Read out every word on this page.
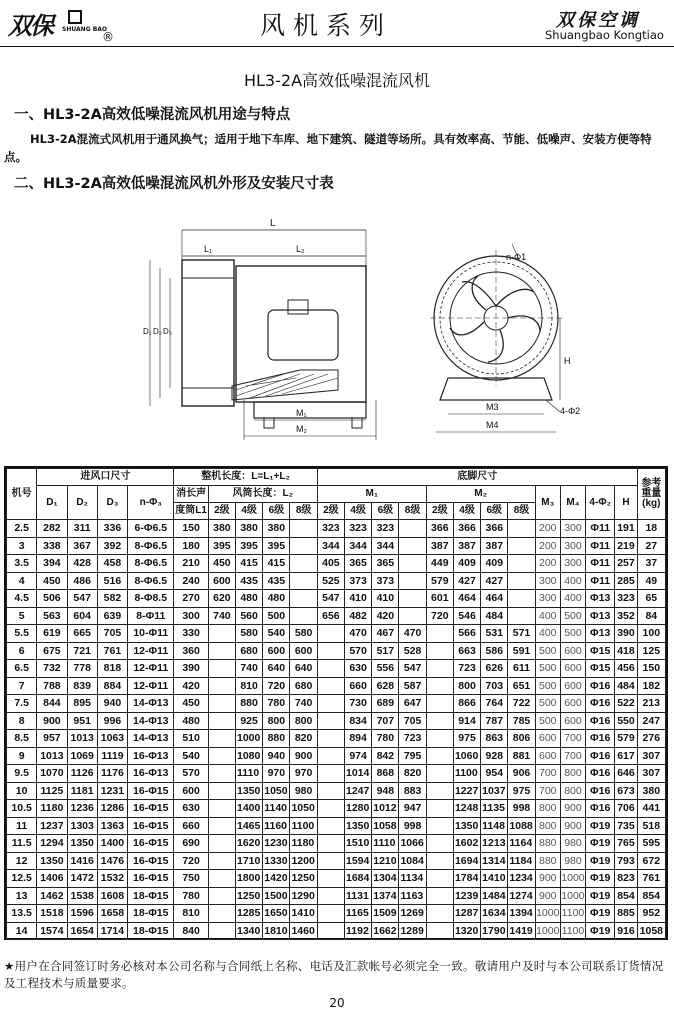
双保 SHUANG BAO
®	风机系列	双保空调
Shuangbao Kongtiao
HL3-2A高效低噪混流风机
一、HL3-2A高效低噪混流风机用途与特点
HL3-2A混流式风机用于通风换气；适用于地下车库、地下建筑、隧道等场所。具有效率高、节能、低噪声、安装方便等特点。
二、HL3-2A高效低噪混流风机外形及安装尺寸表
L
L₁	L₂
D₁ D₂ D₃
M₁
M₂
n-Φ1
H
M3
M4
4-Φ2
机号	进风口尺寸				整机长度：L=L₁+L₂					底脚尺寸												参考重量(kg)
	D₁	D₂	D₃	n-Φ₃	消长声	风筒长度：L₂				M₁				M₂				M₃	M₄	4-Φ₂	H	
					度筒L1	2级	4级	6级	8级	2级	4级	6级	8级	2级	4级	6级	8级					
2.5	282	311	336	6-Φ6.5	150	380	380	380		323	323	323		366	366	366		200	300	Φ11	191	18
3	338	367	392	8-Φ6.5	180	395	395	395		344	344	344		387	387	387		200	300	Φ11	219	27
3.5	394	428	458	8-Φ6.5	210	450	415	415		405	365	365		449	409	409		200	300	Φ11	257	37
4	450	486	516	8-Φ6.5	240	600	435	435		525	373	373		579	427	427		300	400	Φ11	285	49
4.5	506	547	582	8-Φ8.5	270	620	480	480		547	410	410		601	464	464		300	400	Φ13	323	65
5	563	604	639	8-Φ11	300	740	560	500		656	482	420		720	546	484		400	500	Φ13	352	84
5.5	619	665	705	10-Φ11	330		580	540	580		470	467	470		566	531	571	400	500	Φ13	390	100
6	675	721	761	12-Φ11	360		680	600	600		570	517	528		663	586	591	500	600	Φ15	418	125
6.5	732	778	818	12-Φ11	390		740	640	640		630	556	547		723	626	611	500	600	Φ15	456	150
7	788	839	884	12-Φ11	420		810	720	680		660	628	587		800	703	651	500	600	Φ16	484	182
7.5	844	895	940	14-Φ13	450		880	780	740		730	689	647		866	764	722	500	600	Φ16	522	213
8	900	951	996	14-Φ13	480		925	800	800		834	707	705		914	787	785	500	600	Φ16	550	247
8.5	957	1013	1063	14-Φ13	510		1000	880	820		894	780	723		975	863	806	600	700	Φ16	579	276
9	1013	1069	1119	16-Φ13	540		1080	940	900		974	842	795		1060	928	881	600	700	Φ16	617	307
9.5	1070	1126	1176	16-Φ13	570		1110	970	970		1014	868	820		1100	954	906	700	800	Φ16	646	307
10	1125	1181	1231	16-Φ15	600		1350	1050	980		1247	948	883		1227	1037	975	700	800	Φ16	673	380
10.5	1180	1236	1286	16-Φ15	630		1400	1140	1050		1280	1012	947		1248	1135	998	800	900	Φ16	706	441
11	1237	1303	1363	16-Φ15	660		1465	1160	1100		1350	1058	998		1350	1148	1088	800	900	Φ19	735	518
11.5	1294	1350	1400	16-Φ15	690		1620	1230	1180		1510	1110	1066		1602	1213	1164	880	980	Φ19	765	595
12	1350	1416	1476	16-Φ15	720		1710	1330	1200		1594	1210	1084		1694	1314	1184	880	980	Φ19	793	672
12.5	1406	1472	1532	16-Φ15	750		1800	1420	1250		1684	1304	1134		1784	1410	1234	900	1000	Φ19	823	761
13	1462	1538	1608	18-Φ15	780		1250	1500	1290		1131	1374	1163		1239	1484	1274	900	1000	Φ19	854	854
13.5	1518	1596	1658	18-Φ15	810		1285	1650	1410		1165	1509	1269		1287	1634	1394	1000	1100	Φ19	885	952
14	1574	1654	1714	18-Φ15	840		1340	1810	1460		1192	1662	1289		1320	1790	1419	1000	1100	Φ19	916	1058
★用户在合同签订时务必核对本公司名称与合同纸上名称、电话及汇款帐号必须完全一致。敬请用户及时与本公司联系订货情况及工程技术与质量要求。
20
